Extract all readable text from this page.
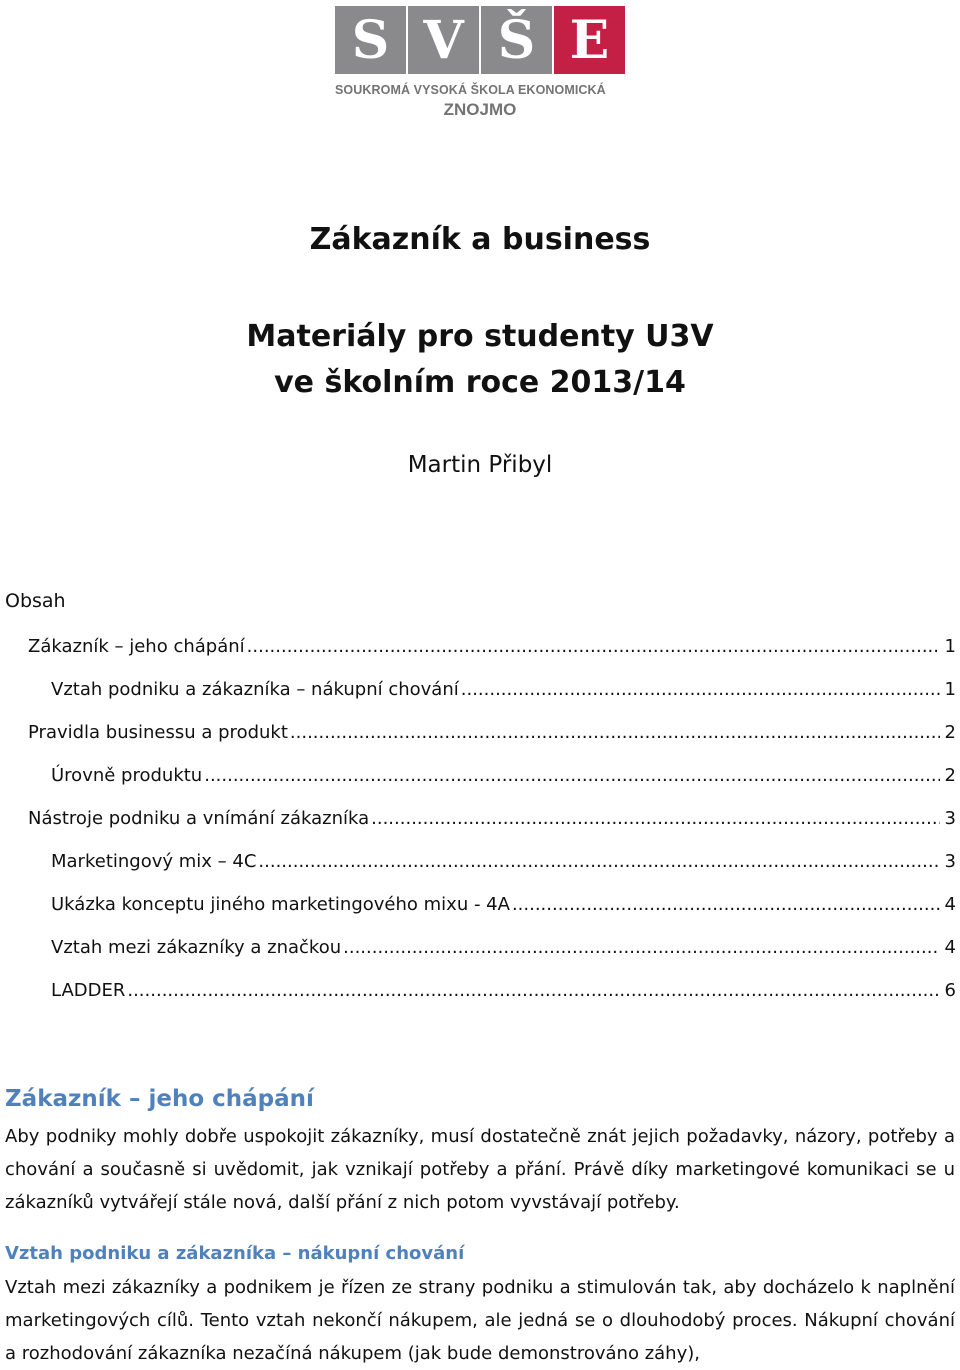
S V Š E
SOUKROMÁ VYSOKÁ ŠKOLA EKONOMICKÁ
ZNOJMO
Zákazník a business
Materiály pro studenty U3V
ve školním roce 2013/14
Martin Přibyl
Obsah
Zákazník – jeho chápání .....	1
Vztah podniku a zákazníka – nákupní chování .....	1
Pravidla businessu a produkt .....	2
Úrovně produktu .....	2
Nástroje podniku a vnímání zákazníka .....	3
Marketingový mix – 4C .....	3
Ukázka konceptu jiného marketingového mixu - 4A .....	4
Vztah mezi zákazníky a značkou .....	4
LADDER .....	6
Zákazník – jeho chápání
Aby podniky mohly dobře uspokojit zákazníky, musí dostatečně znát jejich požadavky, názory, potřeby a chování a současně si uvědomit, jak vznikají potřeby a přání. Právě díky marketingové komunikaci se u zákazníků vytvářejí stále nová, další přání z nich potom vyvstávají potřeby.
Vztah podniku a zákazníka – nákupní chování
Vztah mezi zákazníky a podnikem je řízen ze strany podniku a stimulován tak, aby docházelo k naplnění marketingových cílů. Tento vztah nekončí nákupem, ale jedná se o dlouhodobý proces. Nákupní chování a rozhodování zákazníka nezačíná nákupem (jak bude demonstrováno záhy),
